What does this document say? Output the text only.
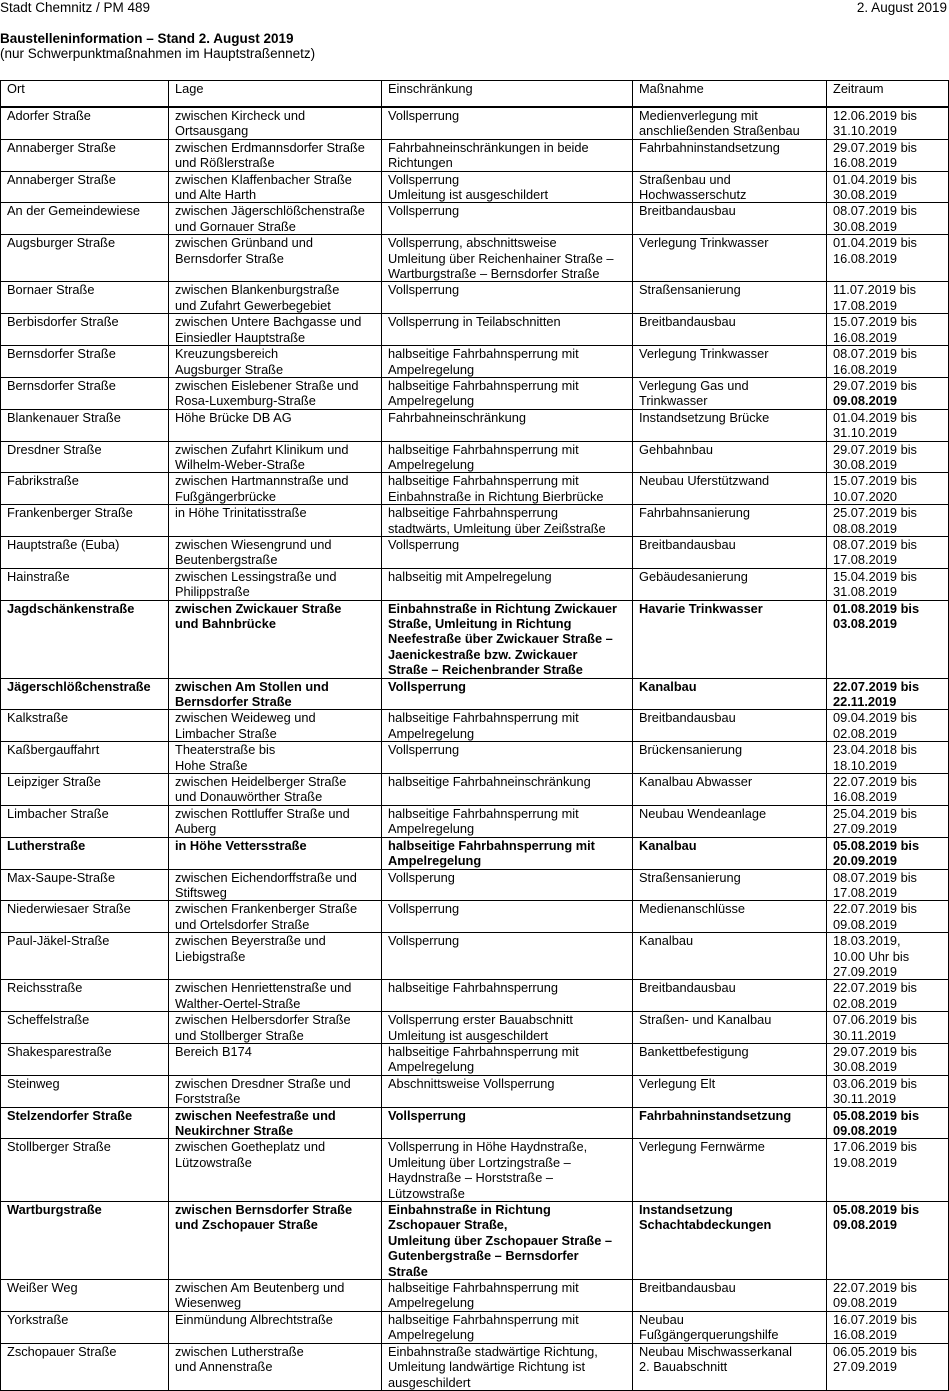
Stadt Chemnitz / PM 489	2. August 2019
Baustelleninformation – Stand 2. August 2019
(nur Schwerpunktmaßnahmen im Hauptstraßennetz)
Ort	Lage	Einschränkung	Maßnahme	Zeitraum

Adorfer Straße	zwischen Kircheck und
Ortsausgang	Vollsperrung	Medienverlegung mit
anschließenden Straßenbau	12.06.2019 bis
31.10.2019

Annaberger Straße	zwischen Erdmannsdorfer Straße
und Rößlerstraße	Fahrbahneinschränkungen in beide
Richtungen	Fahrbahninstandsetzung	29.07.2019 bis
16.08.2019

Annaberger Straße	zwischen Klaffenbacher Straße
und Alte Harth	Vollsperrung
Umleitung ist ausgeschildert	Straßenbau und
Hochwasserschutz	01.04.2019 bis
30.08.2019

An der Gemeindewiese	zwischen Jägerschlößchenstraße
und Gornauer Straße	Vollsperrung	Breitbandausbau	08.07.2019 bis
30.08.2019

Augsburger Straße	zwischen Grünband und
Bernsdorfer Straße	Vollsperrung, abschnittsweise
Umleitung über Reichenhainer Straße –
Wartburgstraße – Bernsdorfer Straße	Verlegung Trinkwasser	01.04.2019 bis
16.08.2019

Bornaer Straße	zwischen Blankenburgstraße
und Zufahrt Gewerbegebiet	Vollsperrung	Straßensanierung	11.07.2019 bis
17.08.2019

Berbisdorfer Straße	zwischen Untere Bachgasse und
Einsiedler Hauptstraße	Vollsperrung in Teilabschnitten	Breitbandausbau	15.07.2019 bis
16.08.2019

Bernsdorfer Straße	Kreuzungsbereich
Augsburger Straße	halbseitige Fahrbahnsperrung mit
Ampelregelung	Verlegung Trinkwasser	08.07.2019 bis
16.08.2019

Bernsdorfer Straße	zwischen Eislebener Straße und
Rosa-Luxemburg-Straße	halbseitige Fahrbahnsperrung mit
Ampelregelung	Verlegung Gas und
Trinkwasser	29.07.2019 bis
09.08.2019

Blankenauer Straße	Höhe Brücke DB AG	Fahrbahneinschränkung	Instandsetzung Brücke	01.04.2019 bis
31.10.2019

Dresdner Straße	zwischen Zufahrt Klinikum und
Wilhelm-Weber-Straße	halbseitige Fahrbahnsperrung mit
Ampelregelung	Gehbahnbau	29.07.2019 bis
30.08.2019

Fabrikstraße	zwischen Hartmannstraße und
Fußgängerbrücke	halbseitige Fahrbahnsperrung mit
Einbahnstraße in Richtung Bierbrücke	Neubau Uferstützwand	15.07.2019 bis
10.07.2020

Frankenberger Straße	in Höhe Trinitatisstraße	halbseitige Fahrbahnsperrung
stadtwärts, Umleitung über Zeißstraße	Fahrbahnsanierung	25.07.2019 bis
08.08.2019

Hauptstraße (Euba)	zwischen Wiesengrund und
Beutenbergstraße	Vollsperrung	Breitbandausbau	08.07.2019 bis
17.08.2019

Hainstraße	zwischen Lessingstraße und
Philippstraße	halbseitig mit Ampelregelung	Gebäudesanierung	15.04.2019 bis
31.08.2019

Jagdschänkenstraße	zwischen Zwickauer Straße
und Bahnbrücke	Einbahnstraße in Richtung Zwickauer
Straße, Umleitung in Richtung
Neefestraße über Zwickauer Straße –
Jaenickestraße bzw. Zwickauer
Straße – Reichenbrander Straße	Havarie Trinkwasser	01.08.2019 bis
03.08.2019

Jägerschlößchenstraße	zwischen Am Stollen und
Bernsdorfer Straße	Vollsperrung	Kanalbau	22.07.2019 bis
22.11.2019

Kalkstraße	zwischen Weideweg und
Limbacher Straße	halbseitige Fahrbahnsperrung mit
Ampelregelung	Breitbandausbau	09.04.2019 bis
02.08.2019

Kaßbergauffahrt	Theaterstraße bis
Hohe Straße	Vollsperrung	Brückensanierung	23.04.2018 bis
18.10.2019

Leipziger Straße	zwischen Heidelberger Straße
und Donauwörther Straße	halbseitige Fahrbahneinschränkung	Kanalbau Abwasser	22.07.2019 bis
16.08.2019

Limbacher Straße	zwischen Rottluffer Straße und
Auberg	halbseitige Fahrbahnsperrung mit
Ampelregelung	Neubau Wendeanlage	25.04.2019 bis
27.09.2019

Lutherstraße	in Höhe Vettersstraße	halbseitige Fahrbahnsperrung mit
Ampelregelung	Kanalbau	05.08.2019 bis
20.09.2019

Max-Saupe-Straße	zwischen Eichendorffstraße und
Stiftsweg	Vollsperung	Straßensanierung	08.07.2019 bis
17.08.2019

Niederwiesaer Straße	zwischen Frankenberger Straße
und Ortelsdorfer Straße	Vollsperrung	Medienanschlüsse	22.07.2019 bis
09.08.2019

Paul-Jäkel-Straße	zwischen Beyerstraße und
Liebigstraße	Vollsperrung	Kanalbau	18.03.2019,
10.00 Uhr bis
27.09.2019

Reichsstraße	zwischen Henriettenstraße und
Walther-Oertel-Straße	halbseitige Fahrbahnsperrung	Breitbandausbau	22.07.2019 bis
02.08.2019

Scheffelstraße	zwischen Helbersdorfer Straße
und Stollberger Straße	Vollsperrung erster Bauabschnitt
Umleitung ist ausgeschildert	Straßen- und Kanalbau	07.06.2019 bis
30.11.2019

Shakesparestraße	Bereich B174	halbseitige Fahrbahnsperrung mit
Ampelregelung	Bankettbefestigung	29.07.2019 bis
30.08.2019

Steinweg	zwischen Dresdner Straße und
Forststraße	Abschnittsweise Vollsperrung	Verlegung Elt	03.06.2019 bis
30.11.2019

Stelzendorfer Straße	zwischen Neefestraße und
Neukirchner Straße	Vollsperrung	Fahrbahninstandsetzung	05.08.2019 bis
09.08.2019

Stollberger Straße	zwischen Goetheplatz und
Lützowstraße	Vollsperrung in Höhe Haydnstraße,
Umleitung über Lortzingstraße –
Haydnstraße – Horststraße –
Lützowstraße	Verlegung Fernwärme	17.06.2019 bis
19.08.2019

Wartburgstraße	zwischen Bernsdorfer Straße
und Zschopauer Straße	Einbahnstraße in Richtung
Zschopauer Straße,
Umleitung über Zschopauer Straße –
Gutenbergstraße – Bernsdorfer
Straße	Instandsetzung
Schachtabdeckungen	05.08.2019 bis
09.08.2019

Weißer Weg	zwischen Am Beutenberg und
Wiesenweg	halbseitige Fahrbahnsperrung mit
Ampelregelung	Breitbandausbau	22.07.2019 bis
09.08.2019

Yorkstraße	Einmündung Albrechtstraße	halbseitige Fahrbahnsperrung mit
Ampelregelung	Neubau
Fußgängerquerungshilfe	16.07.2019 bis
16.08.2019

Zschopauer Straße	zwischen Lutherstraße
und Annenstraße	Einbahnstraße stadwärtige Richtung,
Umleitung landwärtige Richtung ist
ausgeschildert	Neubau Mischwasserkanal
2. Bauabschnitt	06.05.2019 bis
27.09.2019
